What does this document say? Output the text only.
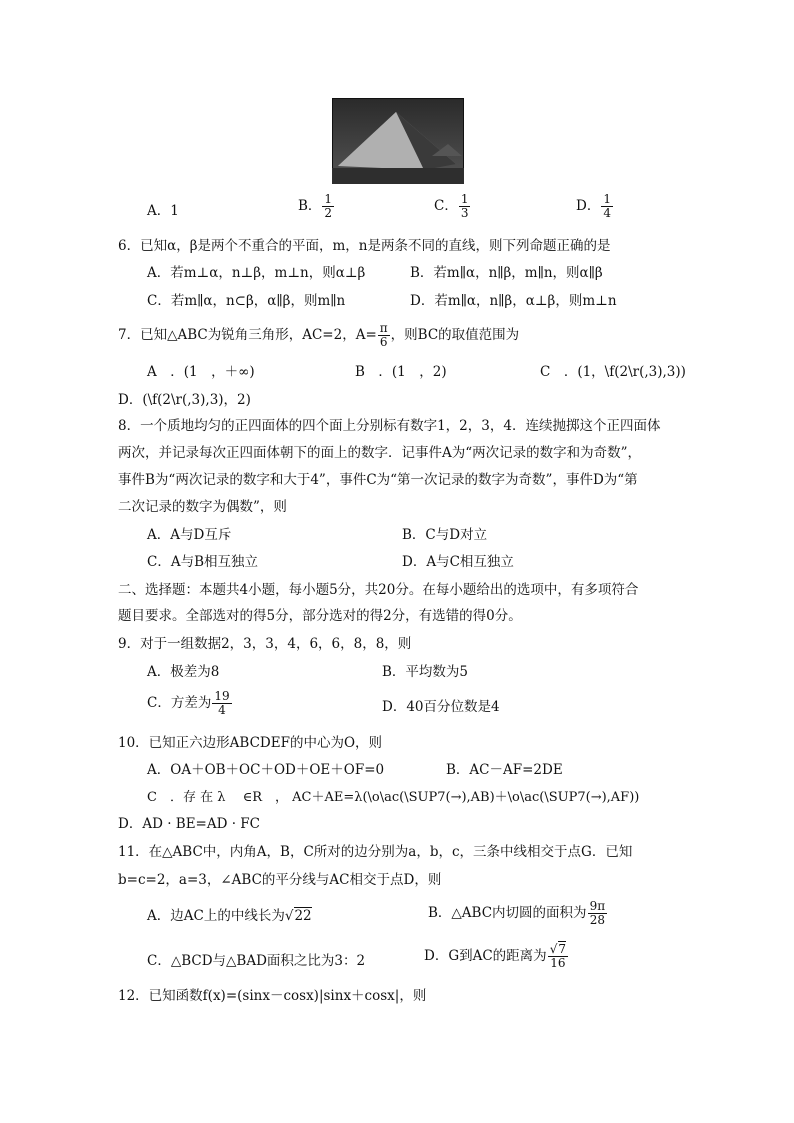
A．1	B． $\frac{1}{2}$	C． $\frac{1}{3}$	D． $\frac{1}{4}$
6．已知α，β是两个不重合的平面，m，n是两条不同的直线，则下列命题正确的是
A．若m⊥α，n⊥β，m⊥n，则α⊥β	B．若m∥α，n∥β，m∥n，则α∥β
C．若m∥α，n⊂β，α∥β，则m∥n	D．若m∥α，n∥β，α⊥β，则m⊥n
7．已知△ABC为锐角三角形，AC=2，$A= \frac{\pi}{6}$ ，则BC的取值范围为
A　．(1　，＋∞)	B　．(1　，2)	C　．(1，\f(2\r(,3),3))
D．(\f(2\r(,3),3)，2)
8．一个质地均匀的正四面体的四个面上分别标有数字1，2，3，4．连续抛掷这个正四面体
两次，并记录每次正四面体朝下的面上的数字．记事件A为“两次记录的数字和为奇数”，
事件B为“两次记录的数字和大于4”，事件C为“第一次记录的数字为奇数”，事件D为“第
二次记录的数字为偶数”，则
A．A与D互斥	B．C与D对立
C．A与B相互独立	D．A与C相互独立
二、选择题：本题共4小题，每小题5分，共20分。在每小题给出的选项中，有多项符合
题目要求。全部选对的得5分，部分选对的得2分，有选错的得0分。
9．对于一组数据2，3，3，4，6，6，8，8，则
A．极差为8	B．平均数为5
C．方差为 $\frac{19}{4}$	D．40百分位数是4
10．已知正六边形ABCDEF的中心为O，则
A．OA＋OB＋OC＋OD＋OE＋OF=0	B．AC－AF=2DE
C　．存 在 λ　 ∈R　， AC＋AE=λ(\o\ac(\SUP7(→),AB)＋\o\ac(\SUP7(→),AF))
D．AD · BE=AD · FC
11．在△ABC中，内角A，B，C所对的边分别为a，b，c，三条中线相交于点G．已知
b=c=2，a=3，∠ABC的平分线与AC相交于点D，则
A．边AC上的中线长为√22	B．△ABC内切圆的面积为 $\frac{9\pi}{28}$
C．△BCD与△BAD面积之比为3：2	D．G到AC的距离为 $\frac{√7}{16}$
12．已知函数f(x)=(sinx－cosx)|sinx＋cosx|，则
